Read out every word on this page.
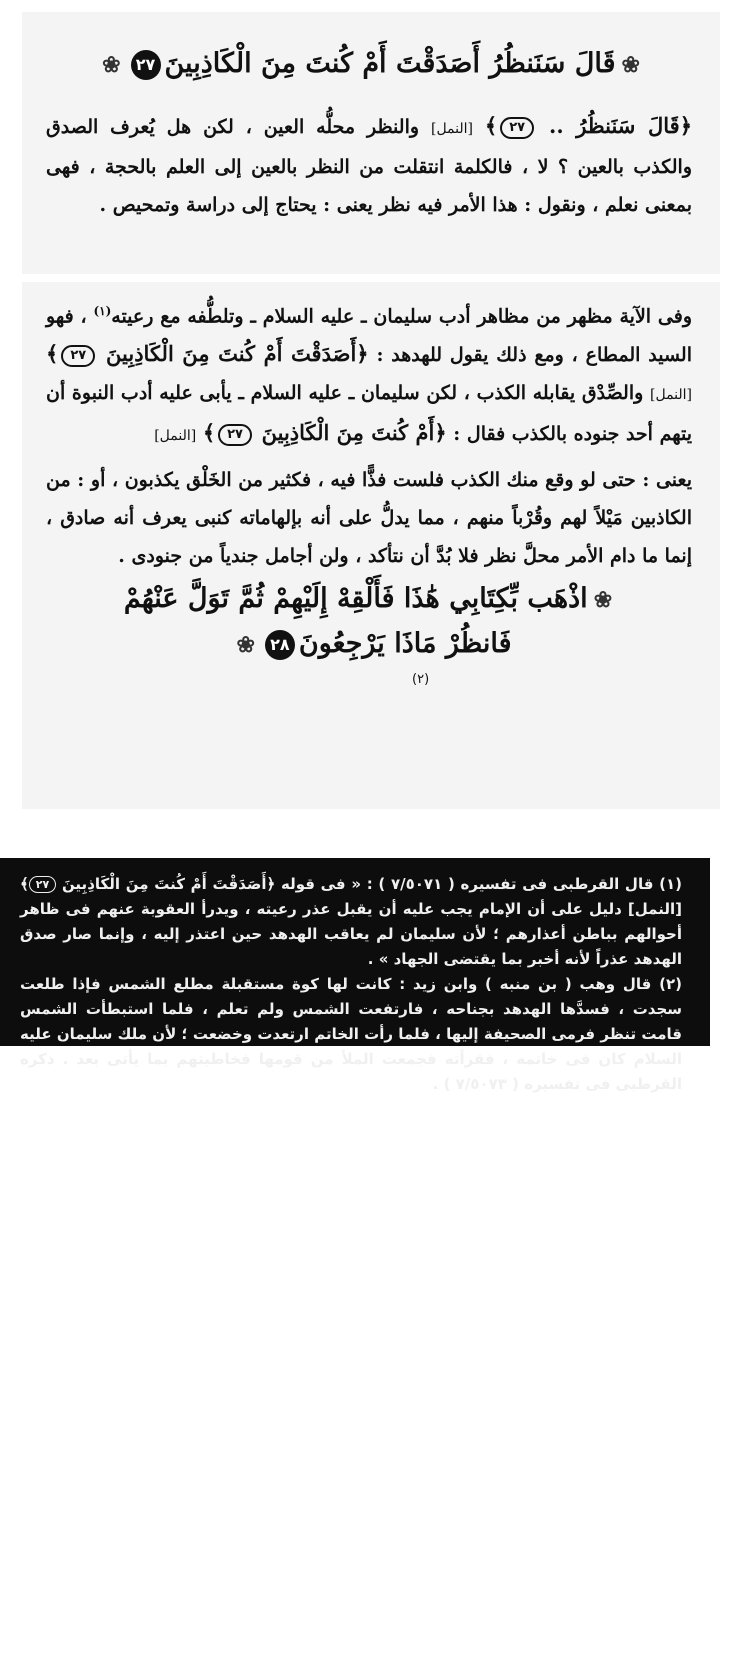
❀قَالَ سَنَنظُرُ أَصَدَقْتَ أَمْ كُنتَ مِنَ الْكَاذِبِينَ٢٧❀

﴿قَالَ سَنَنظُرُ .. ٢٧﴾ [النمل] والنظر محلُّه العين ، لكن هل يُعرف الصدق والكذب بالعين ؟ لا ، فالكلمة انتقلت من النظر بالعين إلى العلم بالحجة ، فهى بمعنى نعلم ، ونقول : هذا الأمر فيه نظر يعنى : يحتاج إلى دراسة وتمحيص .

وفى الآية مظهر من مظاهر أدب سليمان ـ عليه السلام ـ وتلطُّفه مع رعيته$^{(١)}$ ، فهو السيد المطاع ، ومع ذلك يقول للهدهد : ﴿أَصَدَقْتَ أَمْ كُنتَ مِنَ الْكَاذِبِينَ ٢٧﴾ [النمل] والصِّدْق يقابله الكذب ، لكن سليمان ـ عليه السلام ـ يأبى عليه أدب النبوة أن يتهم أحد جنوده بالكذب فقال : ﴿أَمْ كُنتَ مِنَ الْكَاذِبِينَ ٢٧﴾ [النمل]

يعنى : حتى لو وقع منك الكذب فلست فذًّا فيه ، فكثير من الخَلْق يكذبون ، أو : من الكاذبين مَيْلاً لهم وقُرْباً منهم ، مما يدلُّ على أنه بإلهاماته كنبى يعرف أنه صادق ، إنما ما دام الأمر محلَّ نظر فلا بُدَّ أن نتأكد ، ولن أجامل جندياً من جنودى .

❀اذْهَب بِّكِتَابِي هَٰذَا فَأَلْقِهْ إِلَيْهِمْ ثُمَّ تَوَلَّ عَنْهُمْ
فَانظُرْ مَاذَا يَرْجِعُونَ٢٨❀
(٢)

(١) قال القرطبى فى تفسيره ( ٧/٥٠٧١ ) : « فى قوله ﴿أَصَدَقْتَ أَمْ كُنتَ مِنَ الْكَاذِبِينَ ٢٧﴾ [النمل] دليل على أن الإمام يجب عليه أن يقبل عذر رعيته ، ويدرأ العقوبة عنهم فى ظاهر أحوالهم بباطن أعذارهم ؛ لأن سليمان لم يعاقب الهدهد حين اعتذر إليه ، وإنما صار صدق الهدهد عذراً لأنه أخبر بما يقتضى الجهاد » .

(٢) قال وهب ( بن منبه ) وابن زيد : كانت لها كوة مستقبلة مطلع الشمس فإذا طلعت سجدت ، فسدَّها الهدهد بجناحه ، فارتفعت الشمس ولم تعلم ، فلما استبطأت الشمس قامت تنظر فرمى الصحيفة إليها ، فلما رأت الخاتم ارتعدت وخضعت ؛ لأن ملك سليمان عليه السلام كان فى خاتمه ، فقرأته فجمعت الملأ من قومها فخاطبتهم بما يأتى بعد . ذكره القرطبى فى تفسيره ( ٧/٥٠٧٣ ) .
